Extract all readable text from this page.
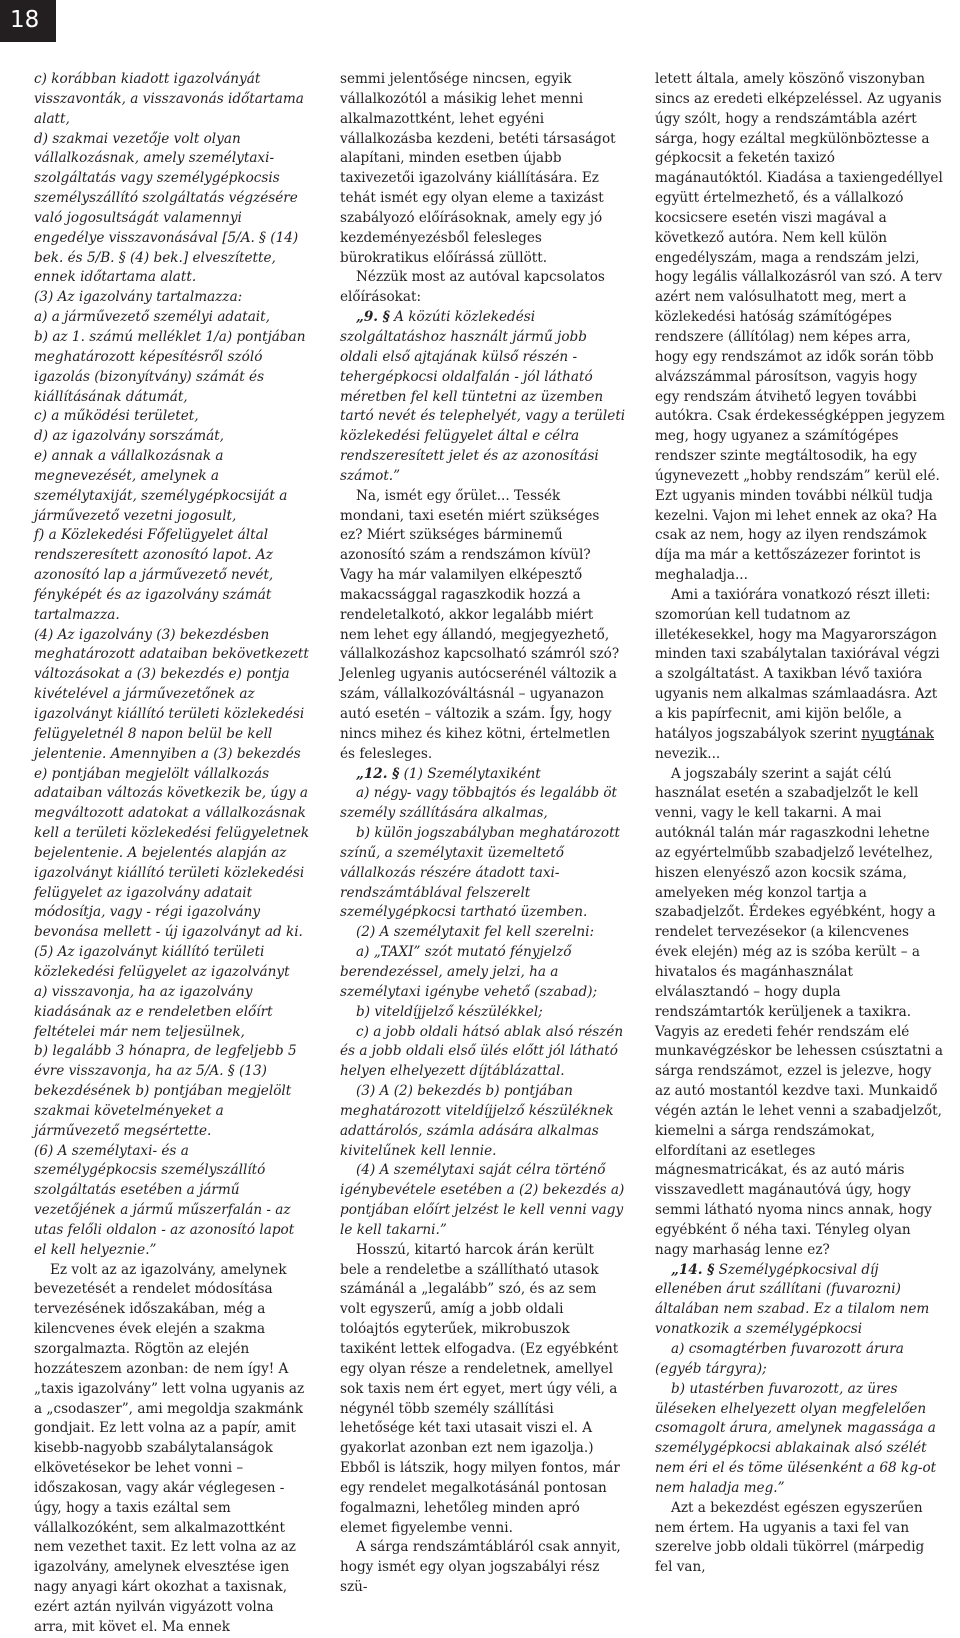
18

c) korábban kiadott igazolványát visszavonták, a visszavonás időtartama alatt,

d) szakmai vezetője volt olyan vállalkozásnak, amely személytaxi-szolgáltatás vagy személygépkocsis személyszállító szolgáltatás végzésére való jogosultságát valamennyi engedélye visszavonásával [5/A. § (14) bek. és 5/B. § (4) bek.] elveszítette, ennek időtartama alatt.

(3) Az igazolvány tartalmazza:

a) a járművezető személyi adatait,

b) az 1. számú melléklet 1/a) pontjában meghatározott képesítésről szóló igazolás (bizonyítvány) számát és kiállításának dátumát,

c) a működési területet,

d) az igazolvány sorszámát,

e) annak a vállalkozásnak a megnevezését, amelynek a személytaxiját, személygépkocsiját a járművezető vezetni jogosult,

f) a Közlekedési Főfelügyelet által rendszeresített azonosító lapot. Az azonosító lap a járművezető nevét, fényképét és az igazolvány számát tartalmazza.

(4) Az igazolvány (3) bekezdésben meghatározott adataiban bekövetkezett változásokat a (3) bekezdés e) pontja kivételével a járművezetőnek az igazolványt kiállító területi közlekedési felügyeletnél 8 napon belül be kell jelentenie. Amennyiben a (3) bekezdés e) pontjában megjelölt vállalkozás adataiban változás következik be, úgy a megváltozott adatokat a vállalkozásnak kell a területi közlekedési felügyeletnek bejelentenie. A bejelentés alapján az igazolványt kiállító területi közlekedési felügyelet az igazolvány adatait módosítja, vagy - régi igazolvány bevonása mellett - új igazolványt ad ki.

(5) Az igazolványt kiállító területi közlekedési felügyelet az igazolványt

a) visszavonja, ha az igazolvány kiadásának az e rendeletben előírt feltételei már nem teljesülnek,

b) legalább 3 hónapra, de legfeljebb 5 évre visszavonja, ha az 5/A. § (13) bekezdésének b) pontjában megjelölt szakmai követelményeket a járművezető megsértette.

(6) A személytaxi- és a személygépkocsis személyszállító szolgáltatás esetében a jármű vezetőjének a jármű műszerfalán - az utas felőli oldalon - az azonosító lapot el kell helyeznie.”

Ez volt az az igazolvány, amelynek bevezetését a rendelet módosítása tervezésének időszakában, még a kilencvenes évek elején a szakma szorgalmazta. Rögtön az elején hozzáteszem azonban: de nem így! A „taxis igazolvány” lett volna ugyanis az a „csodaszer”, ami megoldja szakmánk gondjait. Ez lett volna az a papír, amit kisebb-nagyobb szabálytalanságok elkövetésekor be lehet vonni – időszakosan, vagy akár véglegesen - úgy, hogy a taxis ezáltal sem vállalkozóként, sem alkalmazottként nem vezethet taxit. Ez lett volna az az igazolvány, amelynek elvesztése igen nagy anyagi kárt okozhat a taxisnak, ezért aztán nyilván vigyázott volna arra, mit követ el. Ma ennek

semmi jelentősége nincsen, egyik vállalkozótól a másikig lehet menni alkalmazottként, lehet egyéni vállalkozásba kezdeni, betéti társaságot alapítani, minden esetben újabb taxivezetői igazolvány kiállítására. Ez tehát ismét egy olyan eleme a taxizást szabályozó előírásoknak, amely egy jó kezdeményezésből felesleges bürokratikus előírássá züllött.

Nézzük most az autóval kapcsolatos előírásokat:

„9. § A közúti közlekedési szolgáltatáshoz használt jármű jobb oldali első ajtajának külső részén - tehergépkocsi oldalfalán - jól látható méretben fel kell tüntetni az üzemben tartó nevét és telephelyét, vagy a területi közlekedési felügyelet által e célra rendszeresített jelet és az azonosítási számot.”

Na, ismét egy őrület... Tessék mondani, taxi esetén miért szükséges ez? Miért szükséges bárminemű azonosító szám a rendszámon kívül? Vagy ha már valamilyen elképesztő makacssággal ragaszkodik hozzá a rendeletalkotó, akkor legalább miért nem lehet egy állandó, megjegyezhető, vállalkozáshoz kapcsolható számról szó? Jelenleg ugyanis autócserénél változik a szám, vállalkozóváltásnál – ugyanazon autó esetén – változik a szám. Így, hogy nincs mihez és kihez kötni, értelmetlen és felesleges.

„12. § (1) Személytaxiként

a) négy- vagy többajtós és legalább öt személy szállítására alkalmas,

b) külön jogszabályban meghatározott színű, a személytaxit üzemeltető vállalkozás részére átadott taxi-rendszámtáblával felszerelt személygépkocsi tartható üzemben.

(2) A személytaxit fel kell szerelni:

a) „TAXI” szót mutató fényjelző berendezéssel, amely jelzi, ha a személytaxi igénybe vehető (szabad);

b) viteldíjjelző készülékkel;

c) a jobb oldali hátsó ablak alsó részén és a jobb oldali első ülés előtt jól látható helyen elhelyezett díjtáblázattal.

(3) A (2) bekezdés b) pontjában meghatározott viteldíjjelző készüléknek adattárolós, számla adására alkalmas kivitelűnek kell lennie.

(4) A személytaxi saját célra történő igénybevétele esetében a (2) bekezdés a) pontjában előírt jelzést le kell venni vagy le kell takarni.”

Hosszú, kitartó harcok árán került bele a rendeletbe a szállítható utasok számánál a „legalább” szó, és az sem volt egyszerű, amíg a jobb oldali tolóajtós egyterűek, mikrobuszok taxiként lettek elfogadva. (Ez egyébként egy olyan része a rendeletnek, amellyel sok taxis nem ért egyet, mert úgy véli, a négynél több személy szállítási lehetősége két taxi utasait viszi el. A gyakorlat azonban ezt nem igazolja.) Ebből is látszik, hogy milyen fontos, már egy rendelet megalkotásánál pontosan fogalmazni, lehetőleg minden apró elemet figyelembe venni.

A sárga rendszámtábláról csak annyit, hogy ismét egy olyan jogszabályi rész szü-

letett általa, amely köszönő viszonyban sincs az eredeti elképzeléssel. Az ugyanis úgy szólt, hogy a rendszámtábla azért sárga, hogy ezáltal megkülönböztesse a gépkocsit a feketén taxizó magánautóktól. Kiadása a taxiengedéllyel együtt értelmezhető, és a vállalkozó kocsicsere esetén viszi magával a következő autóra. Nem kell külön engedélyszám, maga a rendszám jelzi, hogy legális vállalkozásról van szó. A terv azért nem valósulhatott meg, mert a közlekedési hatóság számítógépes rendszere (állítólag) nem képes arra, hogy egy rendszámot az idők során több alvázszámmal párosítson, vagyis hogy egy rendszám átvihető legyen további autókra. Csak érdekességképpen jegyzem meg, hogy ugyanez a számítógépes rendszer szinte megtáltosodik, ha egy úgynevezett „hobby rendszám” kerül elé. Ezt ugyanis minden további nélkül tudja kezelni. Vajon mi lehet ennek az oka? Ha csak az nem, hogy az ilyen rendszámok díja ma már a kettőszázezer forintot is meghaladja...

Ami a taxiórára vonatkozó részt illeti: szomorúan kell tudatnom az illetékesekkel, hogy ma Magyarországon minden taxi szabálytalan taxiórával végzi a szolgáltatást. A taxikban lévő taxióra ugyanis nem alkalmas számlaadásra. Azt a kis papírfecnit, ami kijön belőle, a hatályos jogszabályok szerint nyugtának nevezik...

A jogszabály szerint a saját célú használat esetén a szabadjelzőt le kell venni, vagy le kell takarni. A mai autóknál talán már ragaszkodni lehetne az egyértelműbb szabadjelző levételhez, hiszen elenyésző azon kocsik száma, amelyeken még konzol tartja a szabadjelzőt. Érdekes egyébként, hogy a rendelet tervezésekor (a kilencvenes évek elején) még az is szóba került – a hivatalos és magánhasználat elválasztandó – hogy dupla rendszámtartók kerüljenek a taxikra. Vagyis az eredeti fehér rendszám elé munkavégzéskor be lehessen csúsztatni a sárga rendszámot, ezzel is jelezve, hogy az autó mostantól kezdve taxi. Munkaidő végén aztán le lehet venni a szabadjelzőt, kiemelni a sárga rendszámokat, elfordítani az esetleges mágnesmatricákat, és az autó máris visszavedlett magánautóvá úgy, hogy semmi látható nyoma nincs annak, hogy egyébként ő néha taxi. Tényleg olyan nagy marhaság lenne ez?

„14. § Személygépkocsival díj ellenében árut szállítani (fuvarozni) általában nem szabad. Ez a tilalom nem vonatkozik a személygépkocsi

a) csomagtérben fuvarozott árura (egyéb tárgyra);

b) utastérben fuvarozott, az üres üléseken elhelyezett olyan megfelelően csomagolt árura, amelynek magassága a személygépkocsi ablakainak alsó szélét nem éri el és töme ülésenként a 68 kg-ot nem haladja meg.”

Azt a bekezdést egészen egyszerűen nem értem. Ha ugyanis a taxi fel van szerelve jobb oldali tükörrel (márpedig fel van,
